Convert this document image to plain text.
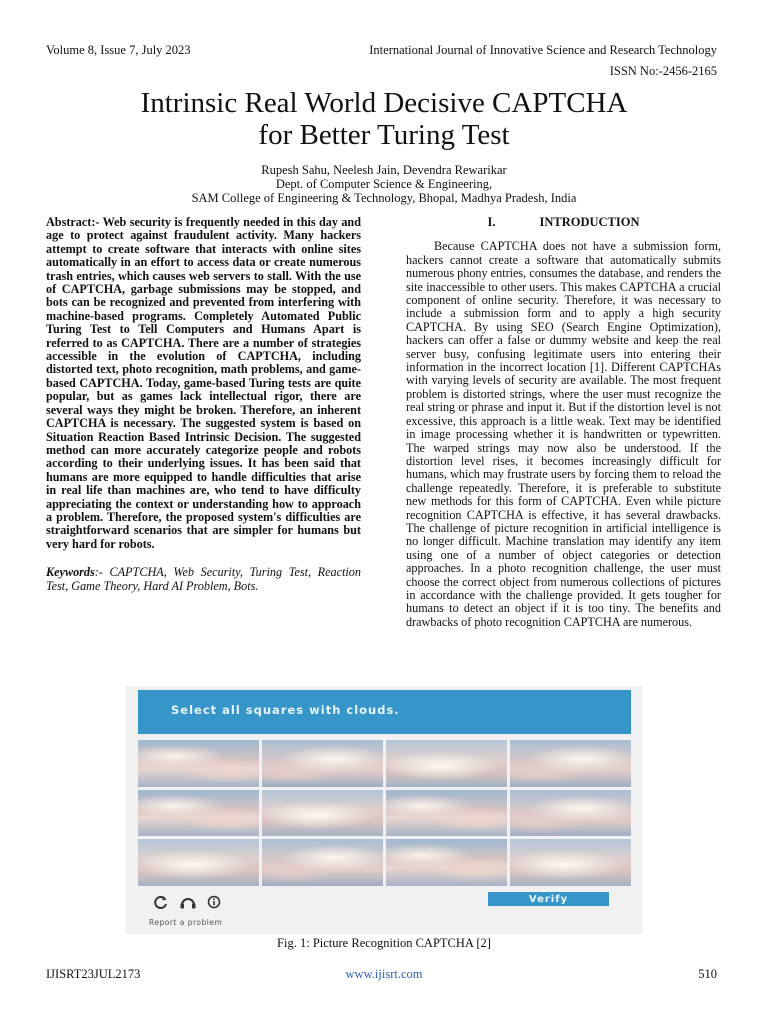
Volume 8, Issue 7, July 2023	International Journal of Innovative Science and Research Technology
ISSN No:-2456-2165
Intrinsic Real World Decisive CAPTCHA
for Better Turing Test
Rupesh Sahu, Neelesh Jain, Devendra Rewarikar
Dept. of Computer Science & Engineering,
SAM College of Engineering & Technology, Bhopal, Madhya Pradesh, India

Abstract:- Web security is frequently needed in this day and age to protect against fraudulent activity. Many hackers attempt to create software that interacts with online sites automatically in an effort to access data or create numerous trash entries, which causes web servers to stall. With the use of CAPTCHA, garbage submissions may be stopped, and bots can be recognized and prevented from interfering with machine-based programs. Completely Automated Public Turing Test to Tell Computers and Humans Apart is referred to as CAPTCHA. There are a number of strategies accessible in the evolution of CAPTCHA, including distorted text, photo recognition, math problems, and game-based CAPTCHA. Today, game-based Turing tests are quite popular, but as games lack intellectual rigor, there are several ways they might be broken. Therefore, an inherent CAPTCHA is necessary. The suggested system is based on Situation Reaction Based Intrinsic Decision. The suggested method can more accurately categorize people and robots according to their underlying issues. It has been said that humans are more equipped to handle difficulties that arise in real life than machines are, who tend to have difficulty appreciating the context or understanding how to approach a problem. Therefore, the proposed system's difficulties are straightforward scenarios that are simpler for humans but very hard for robots.

Keywords:- CAPTCHA, Web Security, Turing Test, Reaction Test, Game Theory, Hard AI Problem, Bots.

I.	INTRODUCTION

Because CAPTCHA does not have a submission form, hackers cannot create a software that automatically submits numerous phony entries, consumes the database, and renders the site inaccessible to other users. This makes CAPTCHA a crucial component of online security. Therefore, it was necessary to include a submission form and to apply a high security CAPTCHA. By using SEO (Search Engine Optimization), hackers can offer a false or dummy website and keep the real server busy, confusing legitimate users into entering their information in the incorrect location [1]. Different CAPTCHAs with varying levels of security are available. The most frequent problem is distorted strings, where the user must recognize the real string or phrase and input it. But if the distortion level is not excessive, this approach is a little weak. Text may be identified in image processing whether it is handwritten or typewritten. The warped strings may now also be understood. If the distortion level rises, it becomes increasingly difficult for humans, which may frustrate users by forcing them to reload the challenge repeatedly. Therefore, it is preferable to substitute new methods for this form of CAPTCHA. Even while picture recognition CAPTCHA is effective, it has several drawbacks. The challenge of picture recognition in artificial intelligence is no longer difficult. Machine translation may identify any item using one of a number of object categories or detection approaches. In a photo recognition challenge, the user must choose the correct object from numerous collections of pictures in accordance with the challenge provided. It gets tougher for humans to detect an object if it is too tiny. The benefits and drawbacks of photo recognition CAPTCHA are numerous.

Select all squares with clouds.

Report a problem
Verify
Fig. 1: Picture Recognition CAPTCHA [2]
IJISRT23JUL2173	www.ijisrt.com	510
